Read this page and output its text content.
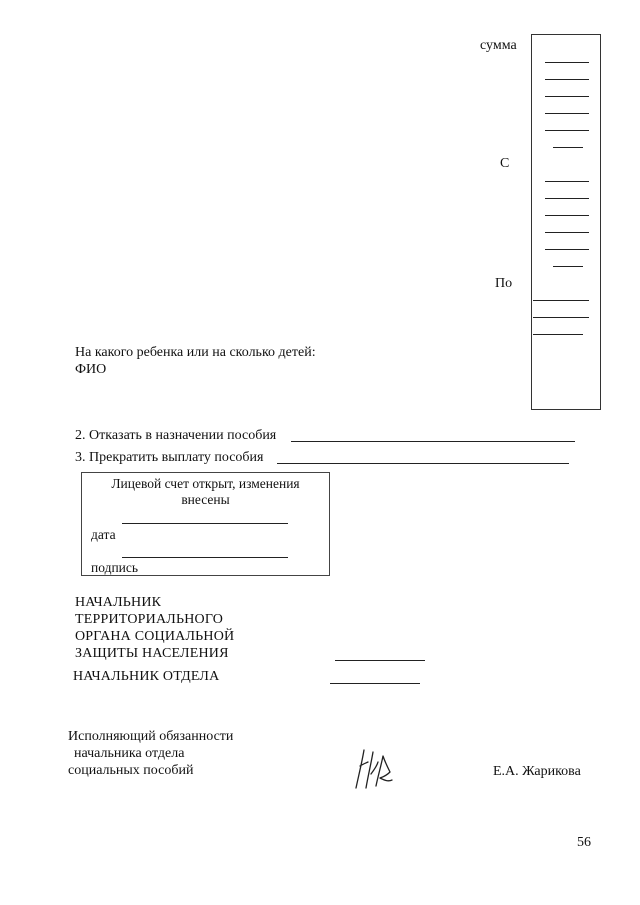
сумма
С
По
На какого ребенка или на сколько детей:
ФИО
2. Отказать в назначении пособия
3. Прекратить выплату пособия
Лицевой счет открыт, изменения
внесены
дата
подпись
НАЧАЛЬНИК
ТЕРРИТОРИАЛЬНОГО
ОРГАНА СОЦИАЛЬНОЙ
ЗАЩИТЫ НАСЕЛЕНИЯ
НАЧАЛЬНИК ОТДЕЛА
Исполняющий обязанности
начальника отдела
социальных пособий	Е.А. Жарикова
56
